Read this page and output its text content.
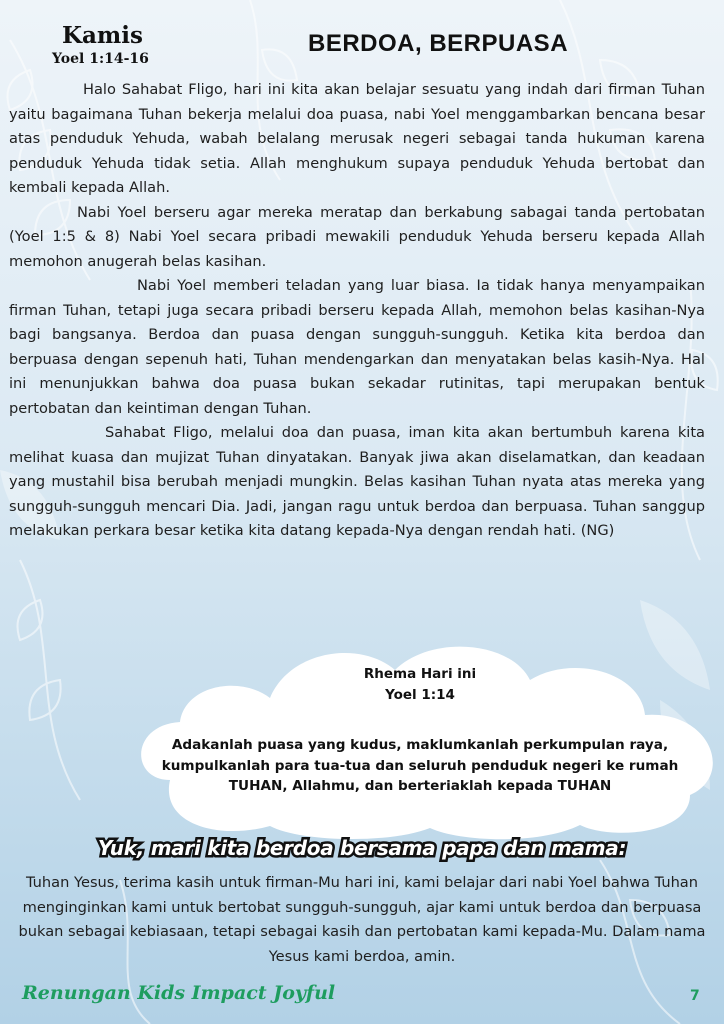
Kamis
Yoel 1:14-16
BERDOA, BERPUASA

Halo Sahabat Fligo, hari ini kita akan belajar sesuatu yang indah dari firman Tuhan yaitu bagaimana Tuhan bekerja melalui doa puasa, nabi Yoel menggambarkan bencana besar atas penduduk Yehuda, wabah belalang merusak negeri sebagai tanda hukuman karena penduduk Yehuda tidak setia. Allah menghukum supaya penduduk Yehuda bertobat dan kembali kepada Allah.

Nabi Yoel berseru agar mereka meratap dan berkabung sabagai tanda pertobatan (Yoel 1:5 & 8) Nabi Yoel secara pribadi mewakili penduduk Yehuda berseru kepada Allah memohon anugerah belas kasihan.

Nabi Yoel memberi teladan yang luar biasa. Ia tidak hanya menyampaikan firman Tuhan, tetapi juga secara pribadi berseru kepada Allah, memohon belas kasihan-Nya bagi bangsanya. Berdoa dan puasa dengan sungguh-sungguh. Ketika kita berdoa dan berpuasa dengan sepenuh hati, Tuhan mendengarkan dan menyatakan belas kasih-Nya. Hal ini menunjukkan bahwa doa puasa bukan sekadar rutinitas, tapi merupakan bentuk pertobatan dan keintiman dengan Tuhan.

Sahabat Fligo, melalui doa dan puasa, iman kita akan bertumbuh karena kita melihat kuasa dan mujizat Tuhan dinyatakan. Banyak jiwa akan diselamatkan, dan keadaan yang mustahil bisa berubah menjadi mungkin. Belas kasihan Tuhan nyata atas mereka yang sungguh-sungguh mencari Dia. Jadi, jangan ragu untuk berdoa dan berpuasa. Tuhan sanggup melakukan perkara besar ketika kita datang kepada-Nya dengan rendah hati. (NG)

Rhema Hari ini
Yoel 1:14
Adakanlah puasa yang kudus, maklumkanlah perkumpulan raya, kumpulkanlah para tua-tua dan seluruh penduduk negeri ke rumah TUHAN, Allahmu, dan berteriaklah kepada TUHAN
Yuk, mari kita berdoa bersama papa dan mama:
Tuhan Yesus, terima kasih untuk firman-Mu hari ini, kami belajar dari nabi Yoel bahwa Tuhan menginginkan kami untuk bertobat sungguh-sungguh, ajar kami untuk berdoa dan berpuasa bukan sebagai kebiasaan, tetapi sebagai kasih dan pertobatan kami kepada-Mu. Dalam nama Yesus kami berdoa, amin.
Renungan Kids Impact Joyful	7
